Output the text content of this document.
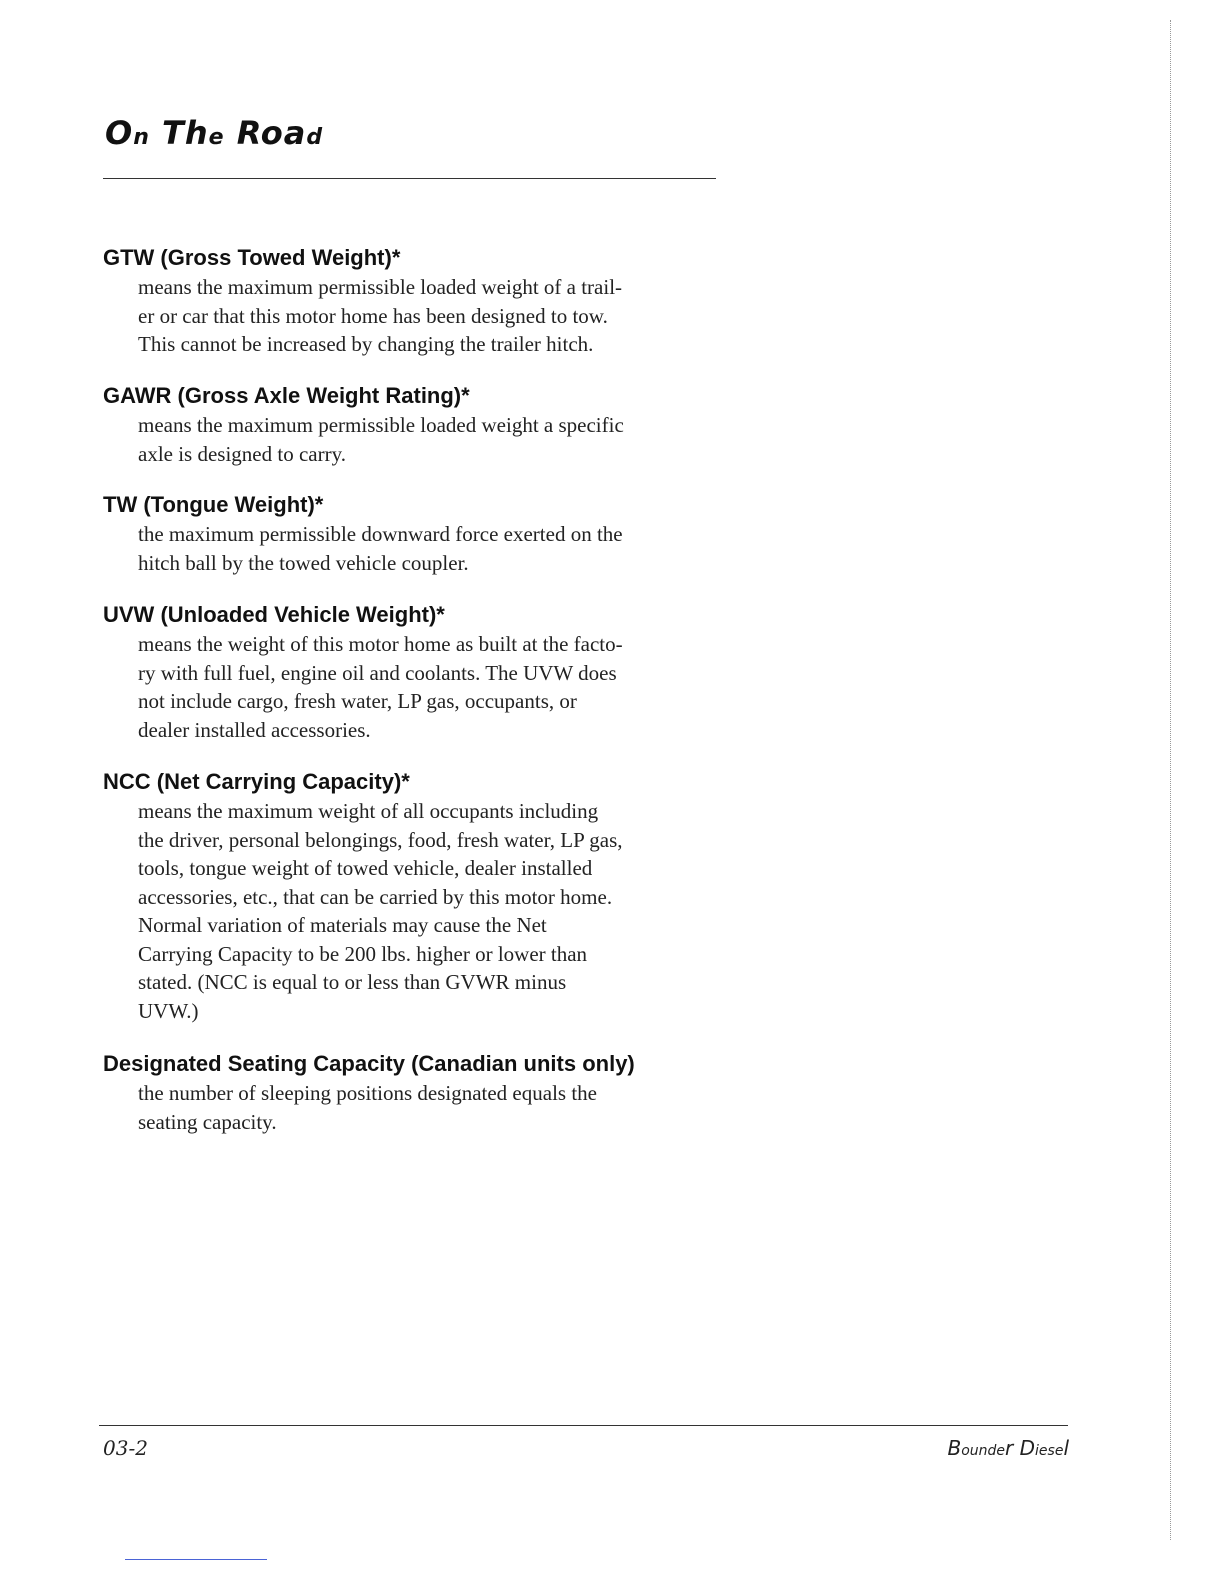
On The Road
GTW (Gross Towed Weight)*
means the maximum permissible loaded weight of a trail-
er or car that this motor home has been designed to tow.
This cannot be increased by changing the trailer hitch.
GAWR (Gross Axle Weight Rating)*
means the maximum permissible loaded weight a specific
axle is designed to carry.
TW (Tongue Weight)*
the maximum permissible downward force exerted on the
hitch ball by the towed vehicle coupler.
UVW (Unloaded Vehicle Weight)*
means the weight of this motor home as built at the facto-
ry with full fuel, engine oil and coolants. The UVW does
not include cargo, fresh water, LP gas, occupants, or
dealer installed accessories.
NCC (Net Carrying Capacity)*
means the maximum weight of all occupants including
the driver, personal belongings, food, fresh water, LP gas,
tools, tongue weight of towed vehicle, dealer installed
accessories, etc., that can be carried by this motor home.
Normal variation of materials may cause the Net
Carrying Capacity to be 200 lbs. higher or lower than
stated. (NCC is equal to or less than GVWR minus
UVW.)
Designated Seating Capacity (Canadian units only)
the number of sleeping positions designated equals the
seating capacity.
03-2	Bounder Diesel
